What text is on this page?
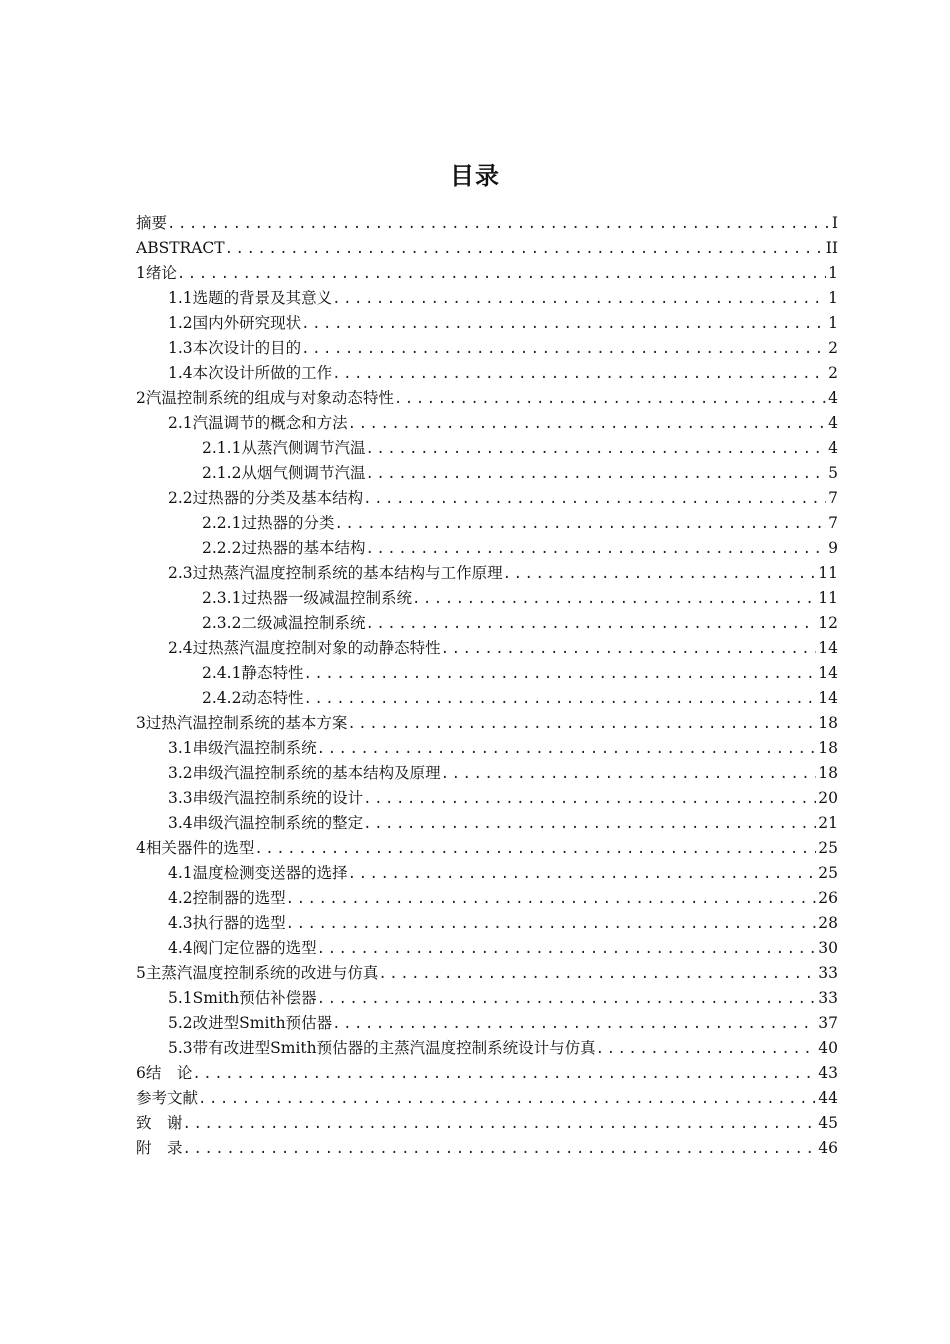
目录
摘要 .....	I
ABSTRACT .....	II
1绪论 .....	1
1.1选题的背景及其意义 .....	1
1.2国内外研究现状 .....	1
1.3本次设计的目的 .....	2
1.4本次设计所做的工作 .....	2
2汽温控制系统的组成与对象动态特性 .....	4
2.1汽温调节的概念和方法 .....	4
2.1.1从蒸汽侧调节汽温 .....	4
2.1.2从烟气侧调节汽温 .....	5
2.2过热器的分类及基本结构 .....	7
2.2.1过热器的分类 .....	7
2.2.2过热器的基本结构 .....	9
2.3过热蒸汽温度控制系统的基本结构与工作原理 .....	11
2.3.1过热器一级减温控制系统 .....	11
2.3.2二级减温控制系统 .....	12
2.4过热蒸汽温度控制对象的动静态特性 .....	14
2.4.1静态特性 .....	14
2.4.2动态特性 .....	14
3过热汽温控制系统的基本方案 .....	18
3.1串级汽温控制系统 .....	18
3.2串级汽温控制系统的基本结构及原理 .....	18
3.3串级汽温控制系统的设计 .....	20
3.4串级汽温控制系统的整定 .....	21
4相关器件的选型 .....	25
4.1温度检测变送器的选择 .....	25
4.2控制器的选型 .....	26
4.3执行器的选型 .....	28
4.4阀门定位器的选型 .....	30
5主蒸汽温度控制系统的改进与仿真 .....	33
5.1Smith预估补偿器 .....	33
5.2改进型Smith预估器 .....	37
5.3带有改进型Smith预估器的主蒸汽温度控制系统设计与仿真 .....	40
6结　论 .....	43
参考文献 .....	44
致　谢 .....	45
附　录 .....	46
